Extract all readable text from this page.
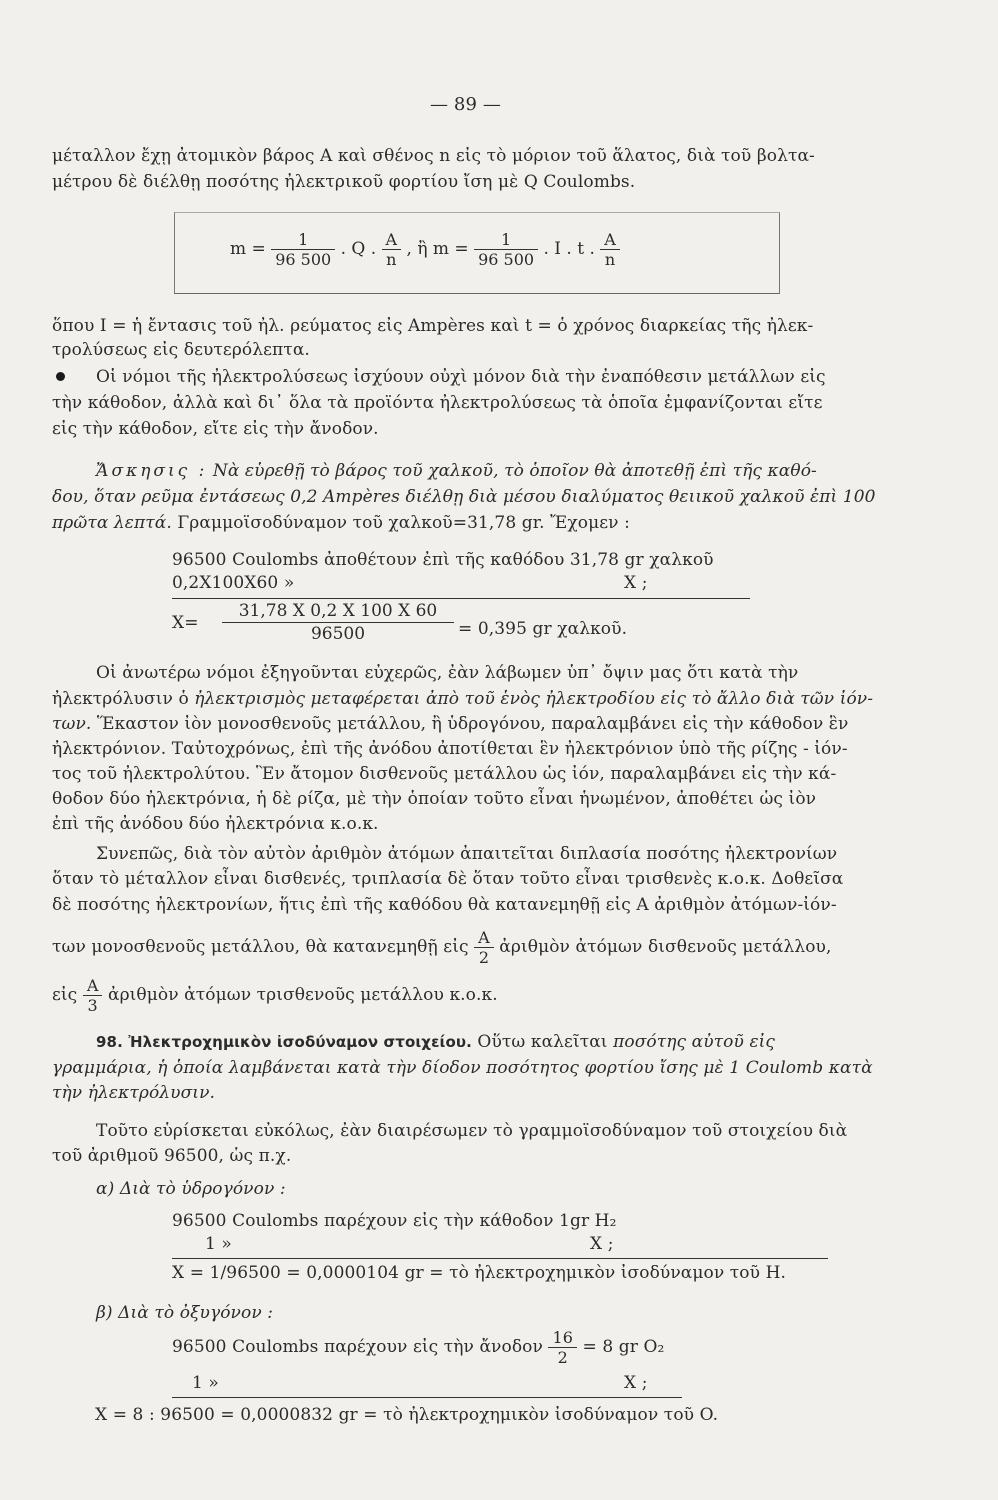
— 89 —
μέταλλον ἔχῃ ἀτομικὸν βάρος Α καὶ σθένος n εἰς τὸ μόριον τοῦ ἅλατος, διὰ τοῦ βολτα-
μέτρου δὲ διέλθῃ ποσότης ἠλεκτρικοῦ φορτίου ἴση μὲ Q Coulombs.
$m = \frac{1}{96 500}$ . Q . $\frac{A}{n}$ , ἢ $m = \frac{1}{96 500}$ . I . t . $\frac{A}{n}$
ὅπου I = ἡ ἔντασις τοῦ ἠλ. ρεύματος εἰς Ampères καὶ t = ὁ χρόνος διαρκείας τῆς ἠλεκ-
τρολύσεως εἰς δευτερόλεπτα.
Οἱ νόμοι τῆς ἠλεκτρολύσεως ἰσχύουν οὐχὶ μόνον διὰ τὴν ἐναπόθεσιν μετάλλων εἰς
τὴν κάθοδον, ἀλλὰ καὶ δι᾽ ὅλα τὰ προϊόντα ἠλεκτρολύσεως τὰ ὁποῖα ἐμφανίζονται εἴτε
εἰς τὴν κάθοδον, εἴτε εἰς τὴν ἄνοδον.
Ἄσκησις : Νὰ εὑρεθῇ τὸ βάρος τοῦ χαλκοῦ, τὸ ὁποῖον θὰ ἀποτεθῇ ἐπὶ τῆς καθό-
δου, ὅταν ρεῦμα ἐντάσεως 0,2 Ampères διέλθῃ διὰ μέσου διαλύματος θειικοῦ χαλκοῦ ἐπὶ 100
πρῶτα λεπτά. Γραμμοϊσοδύναμον τοῦ χαλκοῦ=31,78 gr. Ἔχομεν :
96500 Coulombs ἀποθέτουν ἐπὶ τῆς καθόδου 31,78 gr χαλκοῦ
0,2X100X60 »	X ;
$X= \frac{31,78 X 0,2 X 100 X 60}{96500} = 0,395$ gr χαλκοῦ.
Οἱ ἀνωτέρω νόμοι ἐξηγοῦνται εὐχερῶς, ἐὰν λάβωμεν ὑπ᾽ ὄψιν μας ὅτι κατὰ τὴν
ἠλεκτρόλυσιν ὁ ἠλεκτρισμὸς μεταφέρεται ἀπὸ τοῦ ἑνὸς ἠλεκτροδίου εἰς τὸ ἄλλο διὰ τῶν ἰόν-
των. Ἕκαστον ἰὸν μονοσθενοῦς μετάλλου, ἢ ὑδρογόνου, παραλαμβάνει εἰς τὴν κάθοδον ἓν
ἠλεκτρόνιον. Ταὐτοχρόνως, ἐπὶ τῆς ἀνόδου ἀποτίθεται ἓν ἠλεκτρόνιον ὑπὸ τῆς ρίζης - ἰόν-
τος τοῦ ἠλεκτρολύτου. Ἓν ἄτομον δισθενοῦς μετάλλου ὡς ἰόν, παραλαμβάνει εἰς τὴν κά-
θοδον δύο ἠλεκτρόνια, ἡ δὲ ρίζα, μὲ τὴν ὁποίαν τοῦτο εἶναι ἡνωμένον, ἀποθέτει ὡς ἰὸν
ἐπὶ τῆς ἀνόδου δύο ἠλεκτρόνια κ.ο.κ.
Συνεπῶς, διὰ τὸν αὐτὸν ἀριθμὸν ἀτόμων ἀπαιτεῖται διπλασία ποσότης ἠλεκτρονίων
ὅταν τὸ μέταλλον εἶναι δισθενές, τριπλασία δὲ ὅταν τοῦτο εἶναι τρισθενὲς κ.ο.κ. Δοθεῖσα
δὲ ποσότης ἠλεκτρονίων, ἥτις ἐπὶ τῆς καθόδου θὰ κατανεμηθῇ εἰς Α ἀριθμὸν ἀτόμων-ἰόν-
των μονοσθενοῦς μετάλλου, θὰ κατανεμηθῇ εἰς $\frac{A}{2}$ ἀριθμὸν ἀτόμων δισθενοῦς μετάλλου,
εἰς $\frac{A}{3}$ ἀριθμὸν ἀτόμων τρισθενοῦς μετάλλου κ.ο.κ.
98. Ἠλεκτροχημικὸν ἰσοδύναμον στοιχείου. Οὕτω καλεῖται ποσότης αὐτοῦ εἰς
γραμμάρια, ἡ ὁποία λαμβάνεται κατὰ τὴν δίοδον ποσότητος φορτίου ἴσης μὲ 1 Coulomb κατὰ
τὴν ἠλεκτρόλυσιν.
Τοῦτο εὑρίσκεται εὐκόλως, ἐὰν διαιρέσωμεν τὸ γραμμοϊσοδύναμον τοῦ στοιχείου διὰ
τοῦ ἀριθμοῦ 96500, ὡς π.χ.
α) Διὰ τὸ ὑδρογόνον :
96500 Coulombs παρέχουν εἰς τὴν κάθοδον 1gr H₂
1 »	X ;
X = 1/96500 = 0,0000104 gr = τὸ ἠλεκτροχημικὸν ἰσοδύναμον τοῦ H.
β) Διὰ τὸ ὀξυγόνον :
96500 Coulombs παρέχουν εἰς τὴν ἄνοδον $\frac{16}{2} = 8$ gr O₂
1 »	X ;
X = 8 : 96500 = 0,0000832 gr = τὸ ἠλεκτροχημικὸν ἰσοδύναμον τοῦ O.
